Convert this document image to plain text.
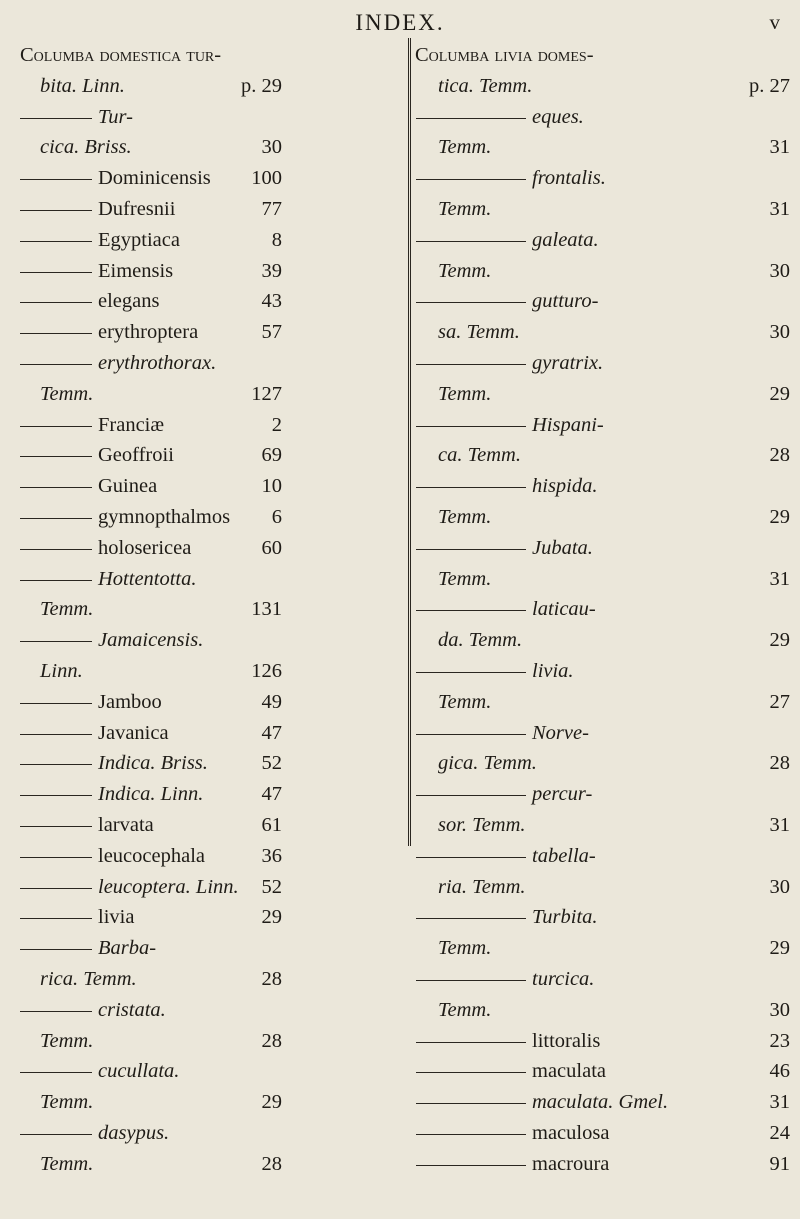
INDEX.	v
Columba domestica tur-
bita. Linn.	p. 29
Tur-
cica. Briss.	30
Dominicensis	100
Dufresnii	77
Egyptiaca	8
Eimensis	39
elegans	43
erythroptera	57
erythrothorax.
Temm.	127
Franciæ	2
Geoffroii	69
Guinea	10
gymnopthalmos	6
holosericea	60
Hottentotta.
Temm.	131
Jamaicensis.
Linn.	126
Jamboo	49
Javanica	47
Indica. Briss.	52
Indica. Linn.	47
larvata	61
leucocephala	36
leucoptera. Linn.	52
livia	29
Barba-
rica. Temm.	28
cristata.
Temm.	28
cucullata.
Temm.	29
dasypus.
Temm.	28
Columba livia domes-
tica. Temm.	p. 27
eques.
Temm.	31
frontalis.
Temm.	31
galeata.
Temm.	30
gutturo-
sa. Temm.	30
gyratrix.
Temm.	29
Hispani-
ca. Temm.	28
hispida.
Temm.	29
Jubata.
Temm.	31
laticau-
da. Temm.	29
livia.
Temm.	27
Norve-
gica. Temm.	28
percur-
sor. Temm.	31
tabella-
ria. Temm.	30
Turbita.
Temm.	29
turcica.
Temm.	30
littoralis	23
maculata	46
maculata. Gmel.	31
maculosa	24
macroura	91
